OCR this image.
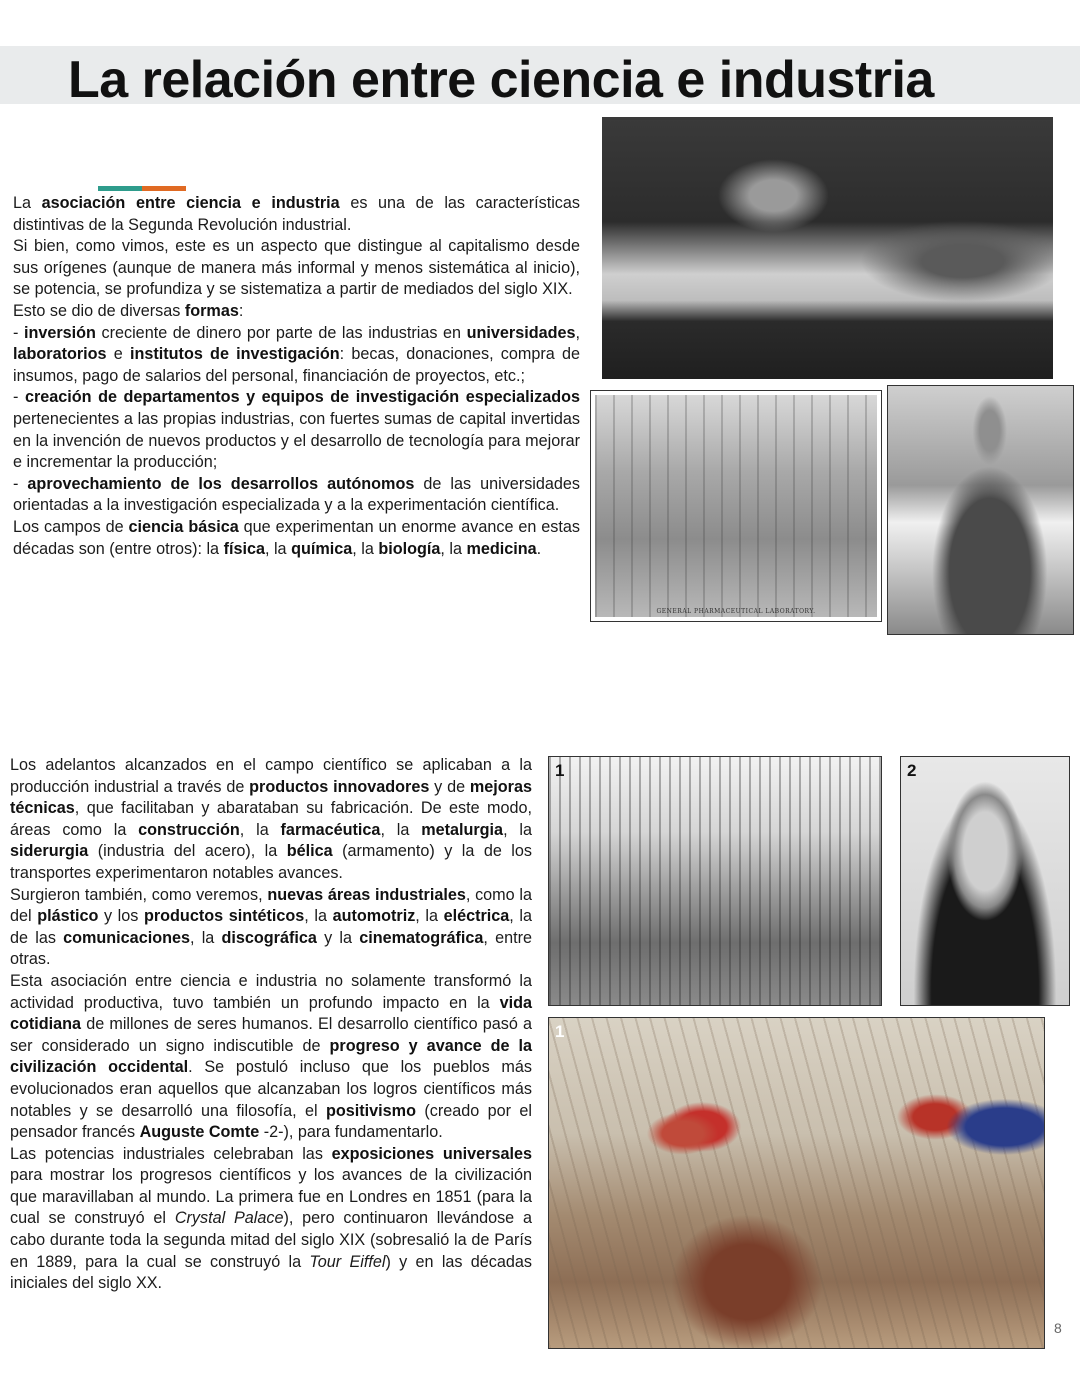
La relación entre ciencia e industria

La asociación entre ciencia e industria es una de las características distintivas de la Segunda Revolución industrial.

Si bien, como vimos, este es un aspecto que distingue al capitalismo desde sus orígenes (aunque de manera más informal y menos sistemática al inicio), se potencia, se profundiza y se sistematiza a partir de mediados del siglo XIX.

Esto se dio de diversas formas:

- inversión creciente de dinero por parte de las industrias en universidades, laboratorios e institutos de investigación: becas, donaciones, compra de insumos, pago de salarios del personal, financiación de proyectos, etc.;

- creación de departamentos y equipos de investigación especializados pertenecientes a las propias industrias, con fuertes sumas de capital invertidas en la invención de nuevos productos y el desarrollo de tecnología para mejorar e incrementar la producción;

- aprovechamiento de los desarrollos autónomos de las universidades orientadas a la investigación especializada y a la experimentación científica.

Los campos de ciencia básica que experimentan un enorme avance en estas décadas son (entre otros): la física, la química, la biología, la medicina.

GENERAL PHARMACEUTICAL LABORATORY.

Los adelantos alcanzados en el campo científico se aplicaban a la producción industrial a través de productos innovadores y de mejoras técnicas, que facilitaban y abarataban su fabricación. De este modo, áreas como la construcción, la farmacéutica, la metalurgia, la siderurgia (industria del acero), la bélica (armamento) y la de los transportes experimentaron notables avances.

Surgieron también, como veremos, nuevas áreas industriales, como la del plástico y los productos sintéticos, la automotriz, la eléctrica, la de las comunicaciones, la discográfica y la cinematográfica, entre otras.

Esta asociación entre ciencia e industria no solamente transformó la actividad productiva, tuvo también un profundo impacto en la vida cotidiana de millones de seres humanos. El desarrollo científico pasó a ser considerado un signo indiscutible de progreso y avance de la civilización occidental. Se postuló incluso que los pueblos más evolucionados eran aquellos que alcanzaban los logros científicos más notables y se desarrolló una filosofía, el positivismo (creado por el pensador francés Auguste Comte -2-), para fundamentarlo.

Las potencias industriales celebraban las exposiciones universales para mostrar los progresos científicos y los avances de la civilización que maravillaban al mundo. La primera fue en Londres en 1851 (para la cual se construyó el Crystal Palace), pero continuaron llevándose a cabo durante toda la segunda mitad del siglo XIX (sobresalió la de París en 1889, para la cual se construyó la Tour Eiffel) y en las décadas iniciales del siglo XX.

1	2
1
8
